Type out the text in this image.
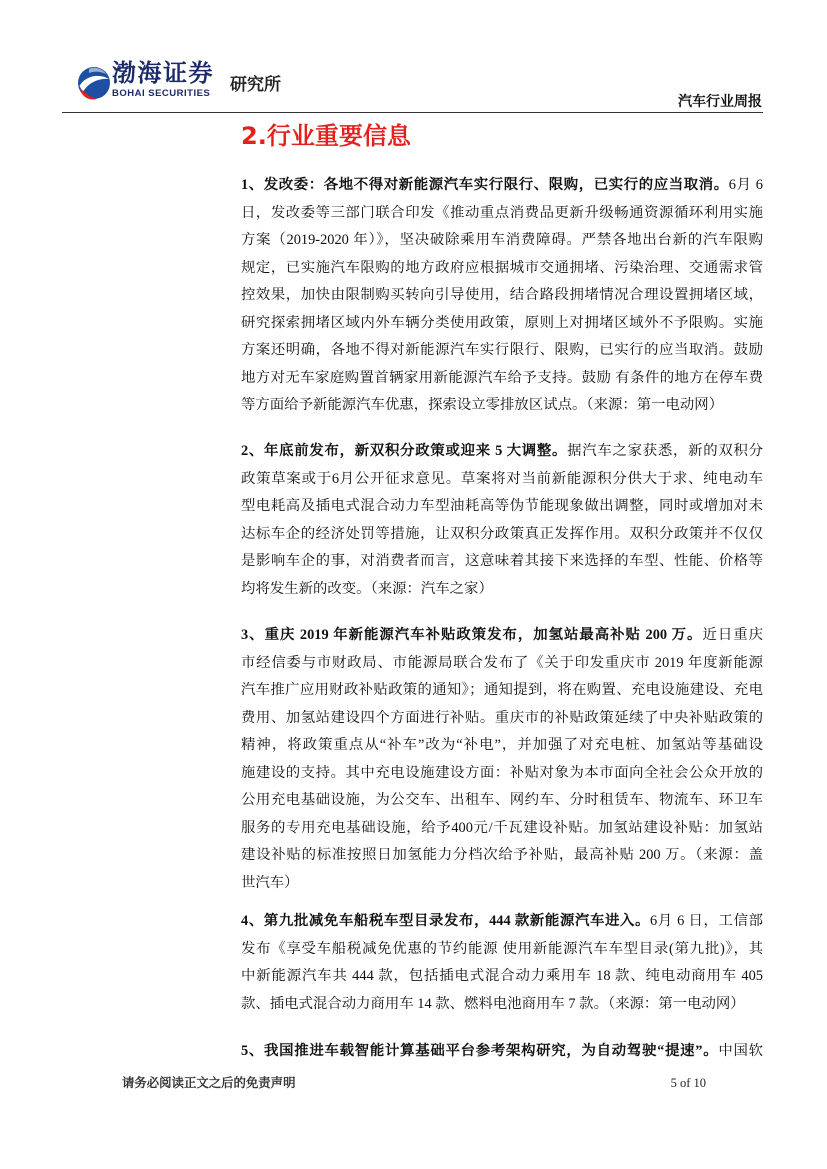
渤海证券
BOHAI SECURITIES 研究所
汽车行业周报
2.行业重要信息
1、发改委：各地不得对新能源汽车实行限行、限购，已实行的应当取消。6月 6
日，发改委等三部门联合印发《推动重点消费品更新升级畅通资源循环利用实施
方案（2019-2020 年）》，坚决破除乘用车消费障碍。严禁各地出台新的汽车限购
规定，已实施汽车限购的地方政府应根据城市交通拥堵、污染治理、交通需求管
控效果，加快由限制购买转向引导使用，结合路段拥堵情况合理设置拥堵区域，
研究探索拥堵区域内外车辆分类使用政策，原则上对拥堵区域外不予限购。实施
方案还明确，各地不得对新能源汽车实行限行、限购，已实行的应当取消。鼓励
地方对无车家庭购置首辆家用新能源汽车给予支持。鼓励 有条件的地方在停车费
等方面给予新能源汽车优惠，探索设立零排放区试点。（来源：第一电动网）
2、年底前发布，新双积分政策或迎来 5 大调整。据汽车之家获悉，新的双积分
政策草案或于6月公开征求意见。草案将对当前新能源积分供大于求、纯电动车
型电耗高及插电式混合动力车型油耗高等伪节能现象做出调整，同时或增加对未
达标车企的经济处罚等措施，让双积分政策真正发挥作用。双积分政策并不仅仅
是影响车企的事，对消费者而言，这意味着其接下来选择的车型、性能、价格等
均将发生新的改变。（来源：汽车之家）
3、重庆 2019 年新能源汽车补贴政策发布，加氢站最高补贴 200 万。近日重庆
市经信委与市财政局、市能源局联合发布了《关于印发重庆市 2019 年度新能源
汽车推广应用财政补贴政策的通知》；通知提到，将在购置、充电设施建设、充电
费用、加氢站建设四个方面进行补贴。重庆市的补贴政策延续了中央补贴政策的
精神，将政策重点从“补车”改为“补电”，并加强了对充电桩、加氢站等基础设
施建设的支持。其中充电设施建设方面：补贴对象为本市面向全社会公众开放的
公用充电基础设施，为公交车、出租车、网约车、分时租赁车、物流车、环卫车
服务的专用充电基础设施，给予400元/千瓦建设补贴。加氢站建设补贴：加氢站
建设补贴的标准按照日加氢能力分档次给予补贴，最高补贴 200 万。（来源：盖
世汽车）
4、第九批减免车船税车型目录发布，444 款新能源汽车进入。6月 6 日，工信部
发布《享受车船税减免优惠的节约能源 使用新能源汽车车型目录(第九批)》，其
中新能源汽车共 444 款，包括插电式混合动力乘用车 18 款、纯电动商用车 405
款、插电式混合动力商用车 14 款、燃料电池商用车 7 款。（来源：第一电动网）
5、我国推进车载智能计算基础平台参考架构研究，为自动驾驶“提速”。中国软
请务必阅读正文之后的免责声明	5 of 10
